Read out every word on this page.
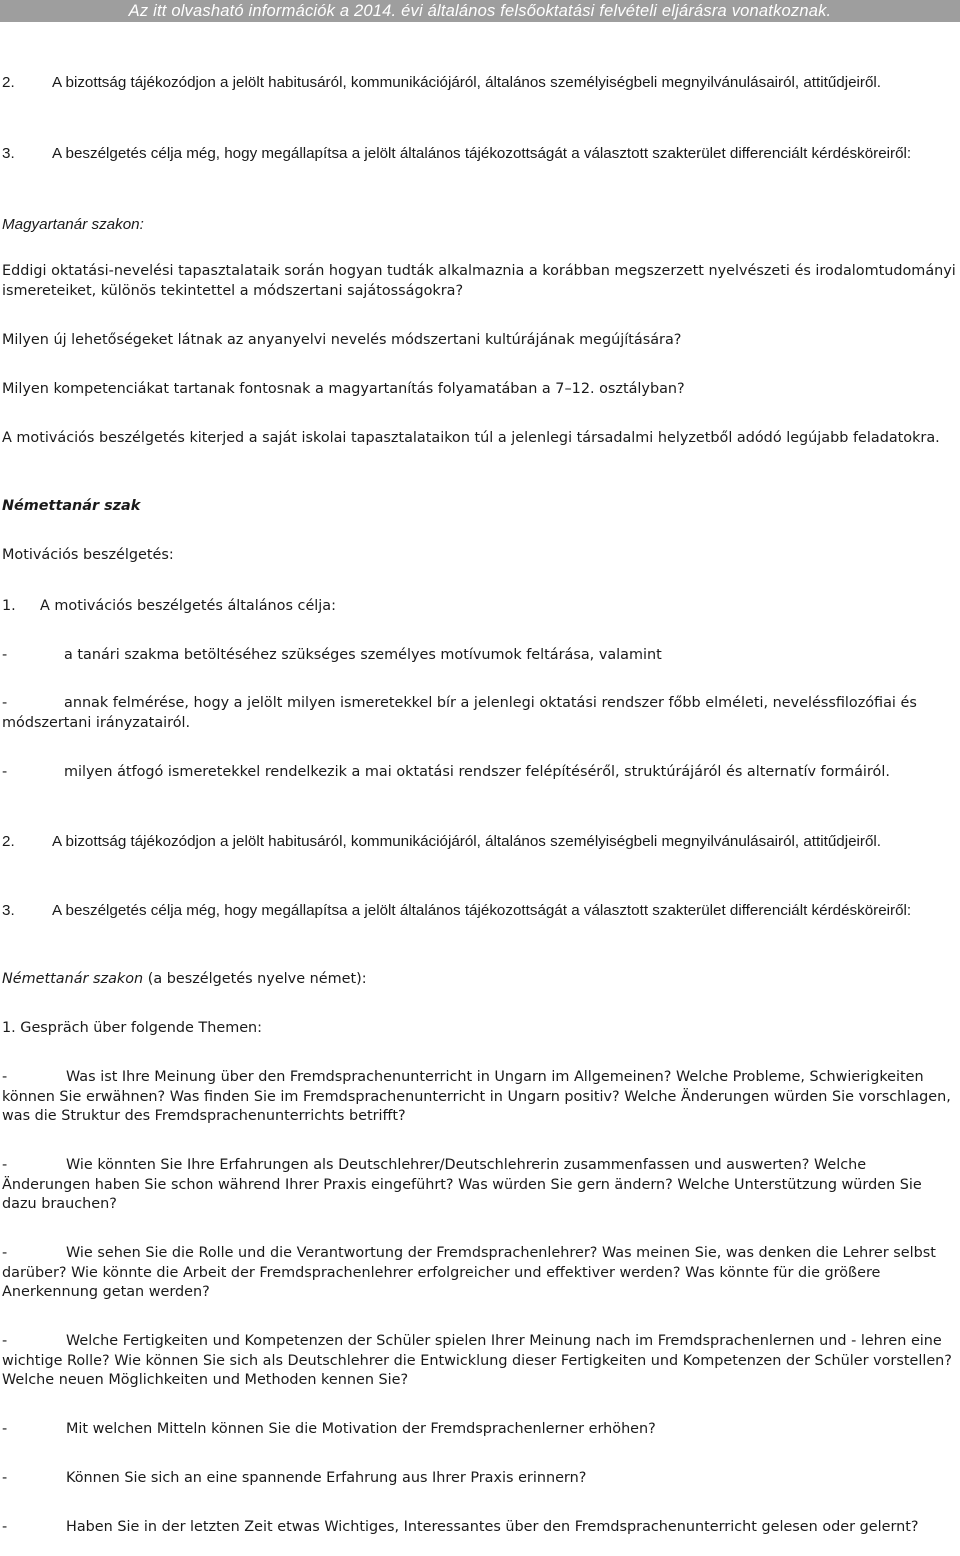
Az itt olvasható információk a 2014. évi általános felsőoktatási felvételi eljárásra vonatkoznak.

2. A bizottság tájékozódjon a jelölt habitusáról, kommunikációjáról, általános személyiségbeli megnyilvánulásairól, attitűdjeiről.

3. A beszélgetés célja még, hogy megállapítsa a jelölt általános tájékozottságát a választott szakterület differenciált kérdésköreiről:

Magyartanár szakon:

Eddigi oktatási-nevelési tapasztalataik során hogyan tudták alkalmaznia a korábban megszerzett nyelvészeti és irodalomtudományi ismereteiket, különös tekintettel a módszertani sajátosságokra?

Milyen új lehetőségeket látnak az anyanyelvi nevelés módszertani kultúrájának megújítására?

Milyen kompetenciákat tartanak fontosnak a magyartanítás folyamatában a 7–12. osztályban?

A motivációs beszélgetés kiterjed a saját iskolai tapasztalataikon túl a jelenlegi társadalmi helyzetből adódó legújabb feladatokra.

Némettanár szak

Motivációs beszélgetés:

1. A motivációs beszélgetés általános célja:

-	a tanári szakma betöltéséhez szükséges személyes motívumok feltárása, valamint

-	annak felmérése, hogy a jelölt milyen ismeretekkel bír a jelenlegi oktatási rendszer főbb elméleti, neveléssfilozófiai és módszertani irányzatairól.

-	milyen átfogó ismeretekkel rendelkezik a mai oktatási rendszer felépítéséről, struktúrájáról és alternatív formáiról.

2. A bizottság tájékozódjon a jelölt habitusáról, kommunikációjáról, általános személyiségbeli megnyilvánulásairól, attitűdjeiről.

3. A beszélgetés célja még, hogy megállapítsa a jelölt általános tájékozottságát a választott szakterület differenciált kérdésköreiről:

Némettanár szakon (a beszélgetés nyelve német):

1. Gespräch über folgende Themen:

-	Was ist Ihre Meinung über den Fremdsprachenunterricht in Ungarn im Allgemeinen? Welche Probleme, Schwierigkeiten können Sie erwähnen? Was finden Sie im Fremdsprachenunterricht in Ungarn positiv? Welche Änderungen würden Sie vorschlagen, was die Struktur des Fremdsprachenunterrichts betrifft?

-	Wie könnten Sie Ihre Erfahrungen als Deutschlehrer/Deutschlehrerin zusammenfassen und auswerten? Welche Änderungen haben Sie schon während Ihrer Praxis eingeführt? Was würden Sie gern ändern? Welche Unterstützung würden Sie dazu brauchen?

-	Wie sehen Sie die Rolle und die Verantwortung der Fremdsprachenlehrer? Was meinen Sie, was denken die Lehrer selbst darüber? Wie könnte die Arbeit der Fremdsprachenlehrer erfolgreicher und effektiver werden? Was könnte für die größere Anerkennung getan werden?

-	Welche Fertigkeiten und Kompetenzen der Schüler spielen Ihrer Meinung nach im Fremdsprachenlernen und - lehren eine wichtige Rolle? Wie können Sie sich als Deutschlehrer die Entwicklung dieser Fertigkeiten und Kompetenzen der Schüler vorstellen? Welche neuen Möglichkeiten und Methoden kennen Sie?

-	Mit welchen Mitteln können Sie die Motivation der Fremdsprachenlerner erhöhen?

-	Können Sie sich an eine spannende Erfahrung aus Ihrer Praxis erinnern?

-	Haben Sie in der letzten Zeit etwas Wichtiges, Interessantes über den Fremdsprachenunterricht gelesen oder gelernt?
